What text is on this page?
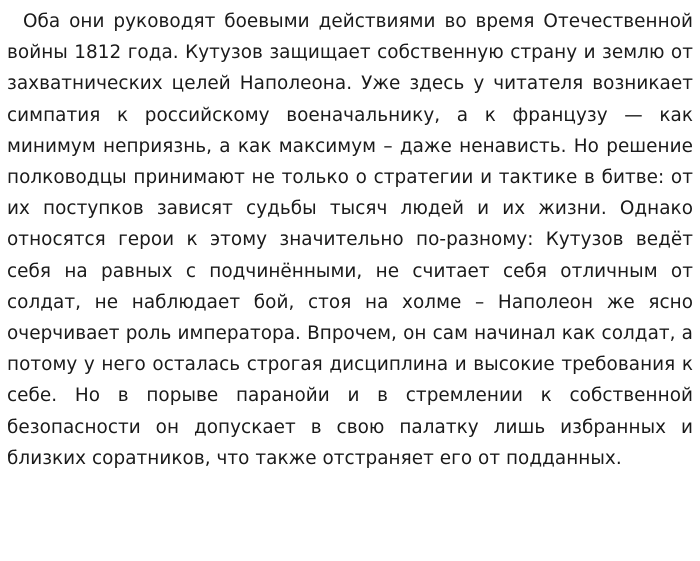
Оба они руководят боевыми действиями во время Отечественной войны 1812 года. Кутузов защищает собственную страну и землю от захватнических целей Наполеона. Уже здесь у читателя возникает симпатия к российскому военачальнику, а к французу — как минимум неприязнь, а как максимум – даже ненависть. Но решение полководцы принимают не только о стратегии и тактике в битве: от их поступков зависят судьбы тысяч людей и их жизни. Однако относятся герои к этому значительно по-разному: Кутузов ведёт себя на равных с подчинёнными, не считает себя отличным от солдат, не наблюдает бой, стоя на холме – Наполеон же ясно очерчивает роль императора. Впрочем, он сам начинал как солдат, а потому у него осталась строгая дисциплина и высокие требования к себе. Но в порыве паранойи и в стремлении к собственной безопасности он допускает в свою палатку лишь избранных и близких соратников, что также отстраняет его от подданных.
